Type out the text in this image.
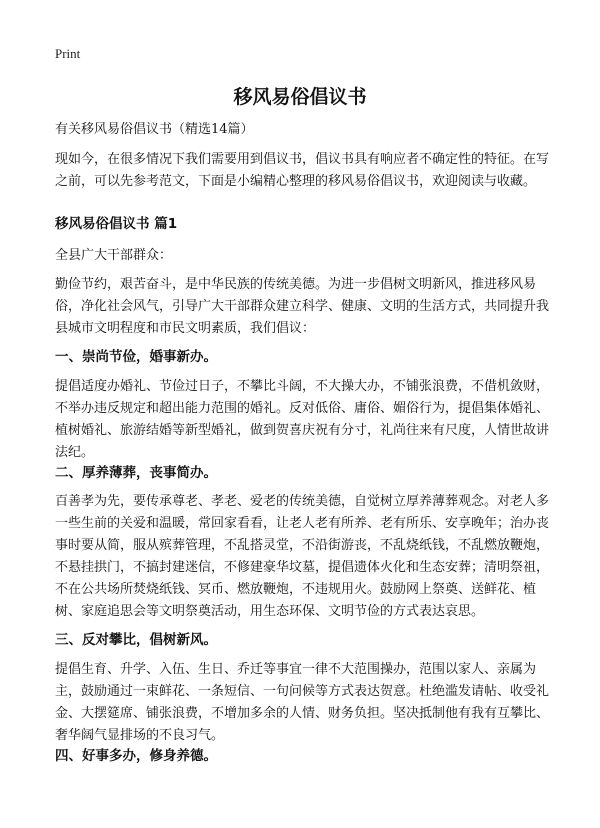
Print
移风易俗倡议书

有关移风易俗倡议书（精选14篇）

现如今，在很多情况下我们需要用到倡议书，倡议书具有响应者不确定性的特征。在写之前，可以先参考范文，下面是小编精心整理的移风易俗倡议书，欢迎阅读与收藏。

移风易俗倡议书 篇1

全县广大干部群众：

勤俭节约，艰苦奋斗，是中华民族的传统美德。为进一步倡树文明新风，推进移风易俗，净化社会风气，引导广大干部群众建立科学、健康、文明的生活方式，共同提升我县城市文明程度和市民文明素质，我们倡议：

一、崇尚节俭，婚事新办。

提倡适度办婚礼、节俭过日子，不攀比斗阔，不大操大办，不铺张浪费，不借机敛财，不举办违反规定和超出能力范围的婚礼。反对低俗、庸俗、媚俗行为，提倡集体婚礼、植树婚礼、旅游结婚等新型婚礼，做到贺喜庆祝有分寸，礼尚往来有尺度，人情世故讲法纪。

二、厚养薄葬，丧事简办。

百善孝为先，要传承尊老、孝老、爱老的传统美德，自觉树立厚养薄葬观念。对老人多一些生前的关爱和温暖，常回家看看，让老人老有所养、老有所乐、安享晚年；治办丧事时要从简，服从殡葬管理，不乱搭灵堂，不沿街游丧，不乱烧纸钱，不乱燃放鞭炮，不悬挂拱门，不搞封建迷信，不修建豪华坟墓，提倡遗体火化和生态安葬；清明祭祖，不在公共场所焚烧纸钱、冥币、燃放鞭炮，不违规用火。鼓励网上祭奠、送鲜花、植树、家庭追思会等文明祭奠活动，用生态环保、文明节俭的方式表达哀思。

三、反对攀比，倡树新风。

提倡生育、升学、入伍、生日、乔迁等事宜一律不大范围操办，范围以家人、亲属为主，鼓励通过一束鲜花、一条短信、一句问候等方式表达贺意。杜绝滥发请帖、收受礼金、大摆筵席、铺张浪费，不增加多余的人情、财务负担。坚决抵制他有我有互攀比、奢华阔气显排场的不良习气。

四、好事多办，修身养德。
